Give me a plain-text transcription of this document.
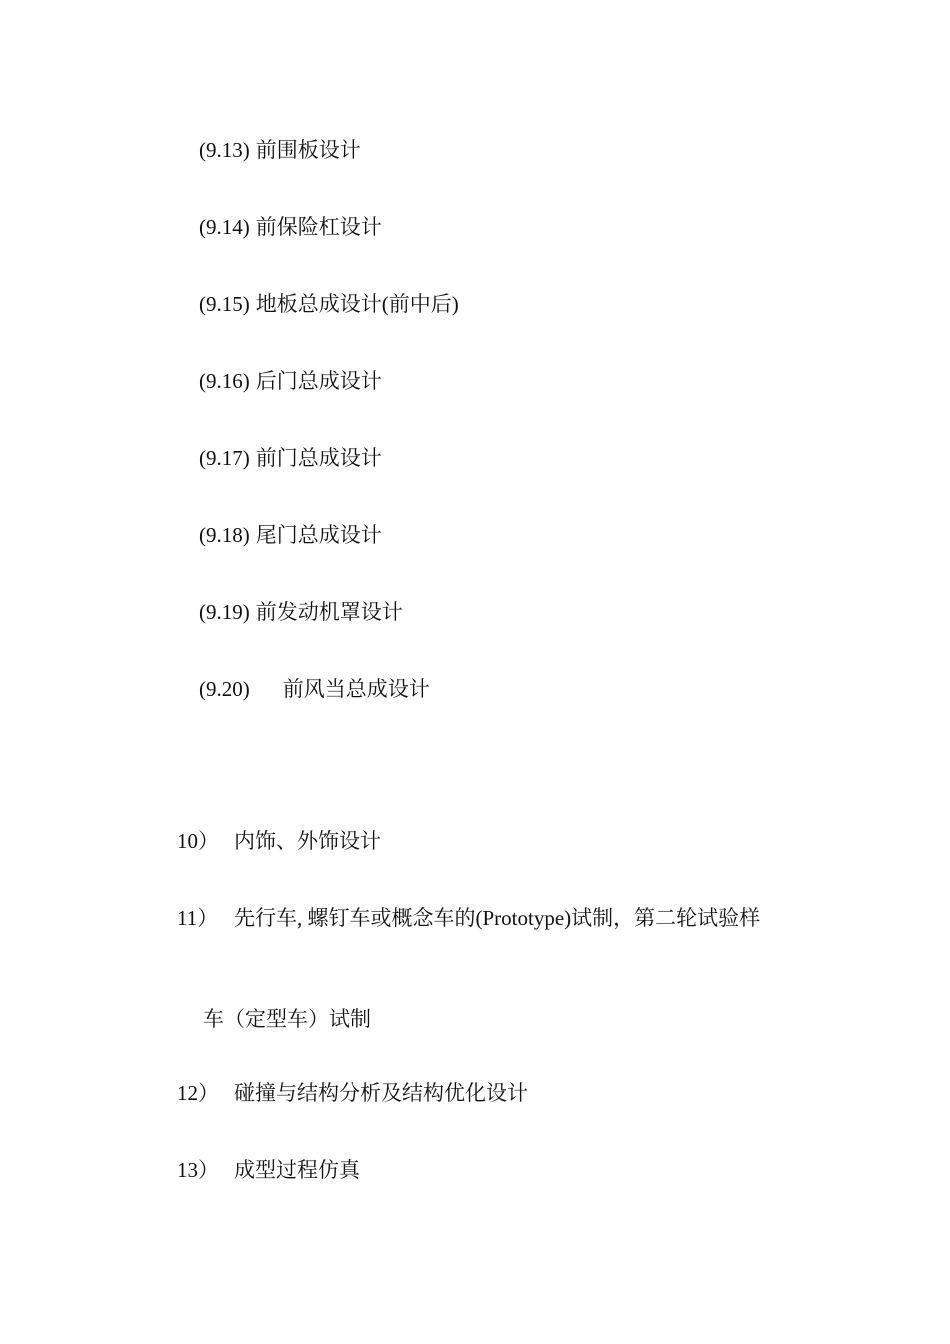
(9.13) 前围板设计
(9.14) 前保险杠设计
(9.15) 地板总成设计(前中后)
(9.16) 后门总成设计
(9.17) 前门总成设计
(9.18) 尾门总成设计
(9.19) 前发动机罩设计
(9.20) 前风当总成设计
10） 内饰、外饰设计
11） 先行车, 螺钉车或概念车的(Prototype)试制，第二轮试验样
车（定型车）试制
12） 碰撞与结构分析及结构优化设计
13） 成型过程仿真
